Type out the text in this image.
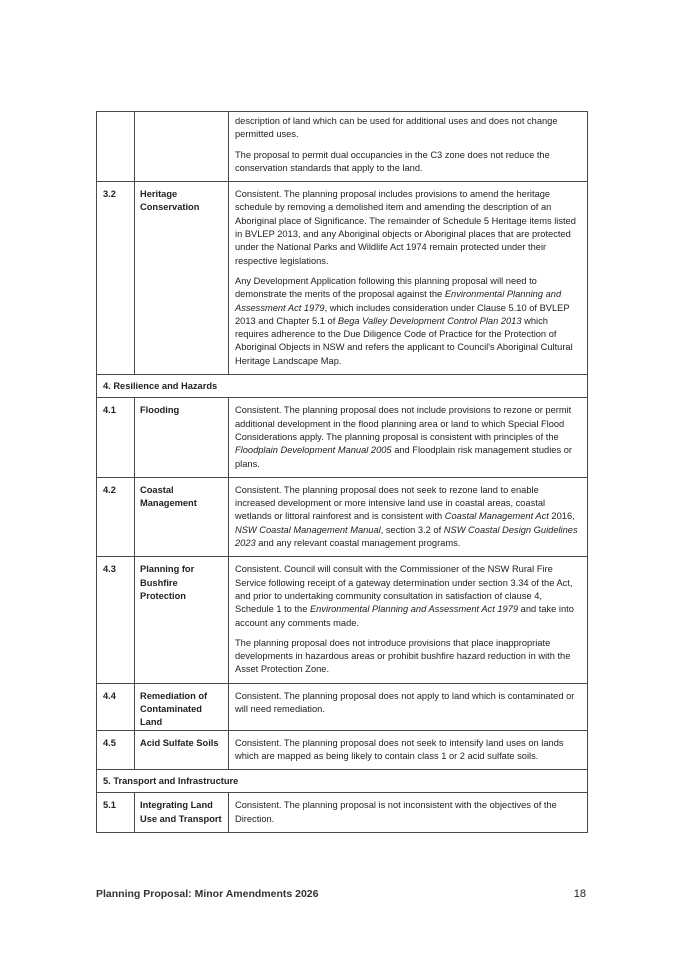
		description of land which can be used for additional uses and does not change permitted uses.

The proposal to permit dual occupancies in the C3 zone does not reduce the conservation standards that apply to the land.

3.2	Heritage Conservation	Consistent. The planning proposal includes provisions to amend the heritage schedule by removing a demolished item and amending the description of an Aboriginal place of Significance. The remainder of Schedule 5 Heritage items listed in BVLEP 2013, and any Aboriginal objects or Aboriginal places that are protected under the National Parks and Wildlife Act 1974 remain protected under their respective legislations.

Any Development Application following this planning proposal will need to demonstrate the merits of the proposal against the Environmental Planning and Assessment Act 1979, which includes consideration under Clause 5.10 of BVLEP 2013 and Chapter 5.1 of Bega Valley Development Control Plan 2013 which requires adherence to the Due Diligence Code of Practice for the Protection of Aboriginal Objects in NSW and refers the applicant to Council's Aboriginal Cultural Heritage Landscape Map.

4. Resilience and Hazards		
4.1	Flooding	Consistent. The planning proposal does not include provisions to rezone or permit additional development in the flood planning area or land to which Special Flood Considerations apply. The planning proposal is consistent with principles of the Floodplain Development Manual 2005 and Floodplain risk management studies or plans.

4.2	Coastal Management	Consistent. The planning proposal does not seek to rezone land to enable increased development or more intensive land use in coastal areas, coastal wetlands or littoral rainforest and is consistent with Coastal Management Act 2016, NSW Coastal Management Manual, section 3.2 of NSW Coastal Design Guidelines 2023 and any relevant coastal management programs.

4.3	Planning for Bushfire Protection	Consistent. Council will consult with the Commissioner of the NSW Rural Fire Service following receipt of a gateway determination under section 3.34 of the Act, and prior to undertaking community consultation in satisfaction of clause 4, Schedule 1 to the Environmental Planning and Assessment Act 1979 and take into account any comments made.

The planning proposal does not introduce provisions that place inappropriate developments in hazardous areas or prohibit bushfire hazard reduction in with the Asset Protection Zone.

4.4	Remediation of Contaminated Land	Consistent. The planning proposal does not apply to land which is contaminated or will need remediation.

4.5	Acid Sulfate Soils	Consistent. The planning proposal does not seek to intensify land uses on lands which are mapped as being likely to contain class 1 or 2 acid sulfate soils.

5. Transport and Infrastructure		
5.1	Integrating Land Use and Transport	Consistent. The planning proposal is not inconsistent with the objectives of the Direction.

Planning Proposal: Minor Amendments 2026	18
